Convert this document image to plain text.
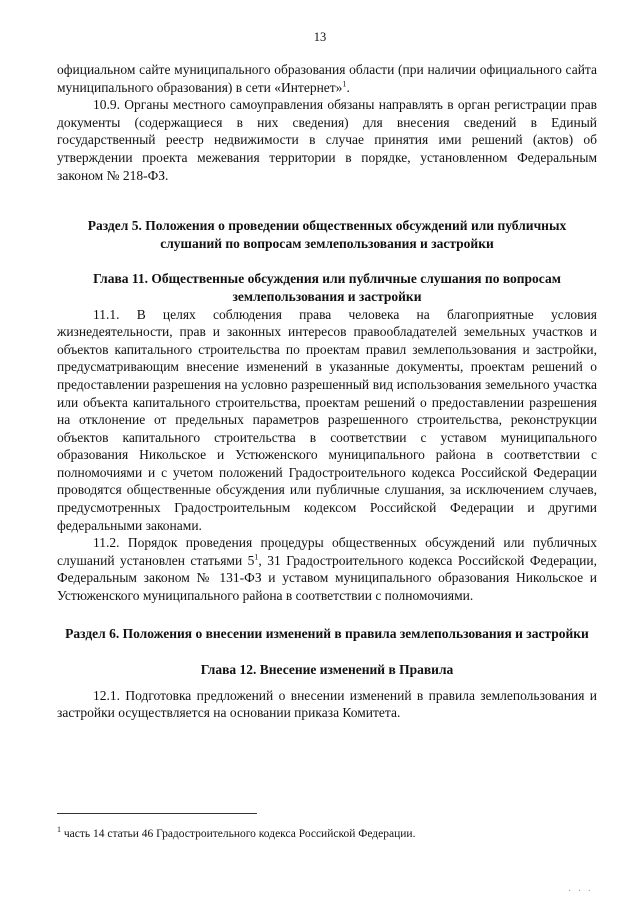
13

официальном сайте муниципального образования области (при наличии официального сайта муниципального образования) в сети «Интернет»$^1$.

10.9. Органы местного самоуправления обязаны направлять в орган регистрации прав документы (содержащиеся в них сведения) для внесения сведений в Единый государственный реестр недвижимости в случае принятия ими решений (актов) об утверждении проекта межевания территории в порядке, установленном Федеральным законом № 218-ФЗ.

Раздел 5. Положения о проведении общественных обсуждений или публичных слушаний по вопросам землепользования и застройки

Глава 11. Общественные обсуждения или публичные слушания по вопросам землепользования и застройки

11.1. В целях соблюдения права человека на благоприятные условия жизнедеятельности, прав и законных интересов правообладателей земельных участков и объектов капитального строительства по проектам правил землепользования и застройки, предусматривающим внесение изменений в указанные документы, проектам решений о предоставлении разрешения на условно разрешенный вид использования земельного участка или объекта капитального строительства, проектам решений о предоставлении разрешения на отклонение от предельных параметров разрешенного строительства, реконструкции объектов капитального строительства в соответствии с уставом муниципального образования Никольское и Устюженского муниципального района в соответствии с полномочиями и с учетом положений Градостроительного кодекса Российской Федерации проводятся общественные обсуждения или публичные слушания, за исключением случаев, предусмотренных Градостроительным кодексом Российской Федерации и другими федеральными законами.

11.2. Порядок проведения процедуры общественных обсуждений или публичных слушаний установлен статьями $5^1$, 31 Градостроительного кодекса Российской Федерации, Федеральным законом № 131-ФЗ и уставом муниципального образования Никольское и Устюженского муниципального района в соответствии с полномочиями.

Раздел 6. Положения о внесении изменений в правила землепользования и застройки

Глава 12. Внесение изменений в Правила

12.1. Подготовка предложений о внесении изменений в правила землепользования и застройки осуществляется на основании приказа Комитета.

$^1$ часть 14 статьи 46 Градостроительного кодекса Российской Федерации.
· · ·
